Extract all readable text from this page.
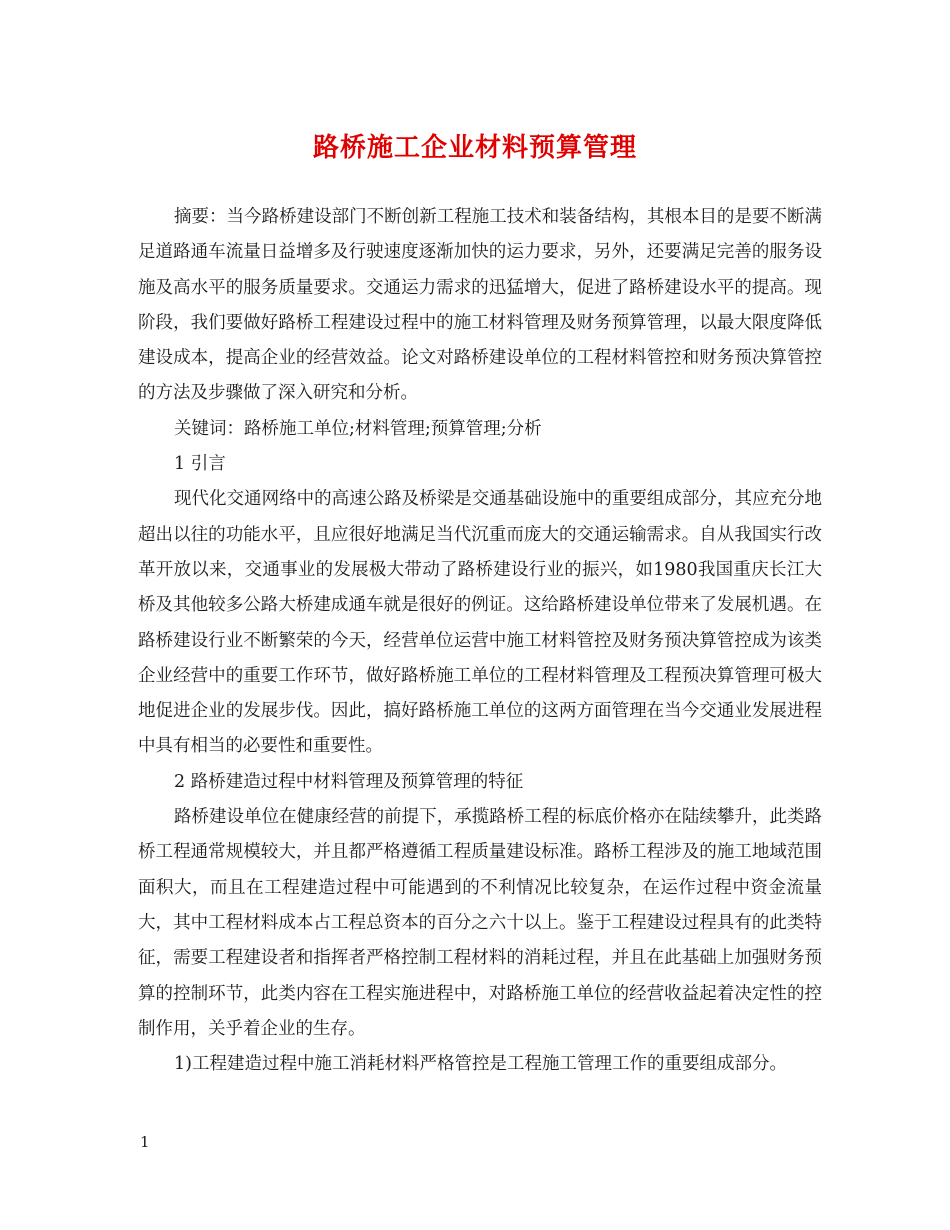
路桥施工企业材料预算管理

摘要：当今路桥建设部门不断创新工程施工技术和装备结构，其根本目的是要不断满足道路通车流量日益增多及行驶速度逐渐加快的运力要求，另外，还要满足完善的服务设施及高水平的服务质量要求。交通运力需求的迅猛增大，促进了路桥建设水平的提高。现阶段，我们要做好路桥工程建设过程中的施工材料管理及财务预算管理，以最大限度降低建设成本，提高企业的经营效益。论文对路桥建设单位的工程材料管控和财务预决算管控的方法及步骤做了深入研究和分析。

关键词：路桥施工单位;材料管理;预算管理;分析

1 引言

现代化交通网络中的高速公路及桥梁是交通基础设施中的重要组成部分，其应充分地超出以往的功能水平，且应很好地满足当代沉重而庞大的交通运输需求。自从我国实行改革开放以来，交通事业的发展极大带动了路桥建设行业的振兴，如1980我国重庆长江大桥及其他较多公路大桥建成通车就是很好的例证。这给路桥建设单位带来了发展机遇。在路桥建设行业不断繁荣的今天，经营单位运营中施工材料管控及财务预决算管控成为该类企业经营中的重要工作环节，做好路桥施工单位的工程材料管理及工程预决算管理可极大地促进企业的发展步伐。因此，搞好路桥施工单位的这两方面管理在当今交通业发展进程中具有相当的必要性和重要性。

2 路桥建造过程中材料管理及预算管理的特征

路桥建设单位在健康经营的前提下，承揽路桥工程的标底价格亦在陆续攀升，此类路桥工程通常规模较大，并且都严格遵循工程质量建设标准。路桥工程涉及的施工地域范围面积大，而且在工程建造过程中可能遇到的不利情况比较复杂，在运作过程中资金流量大，其中工程材料成本占工程总资本的百分之六十以上。鉴于工程建设过程具有的此类特征，需要工程建设者和指挥者严格控制工程材料的消耗过程，并且在此基础上加强财务预算的控制环节，此类内容在工程实施进程中，对路桥施工单位的经营收益起着决定性的控制作用，关乎着企业的生存。

1)工程建造过程中施工消耗材料严格管控是工程施工管理工作的重要组成部分。

1
